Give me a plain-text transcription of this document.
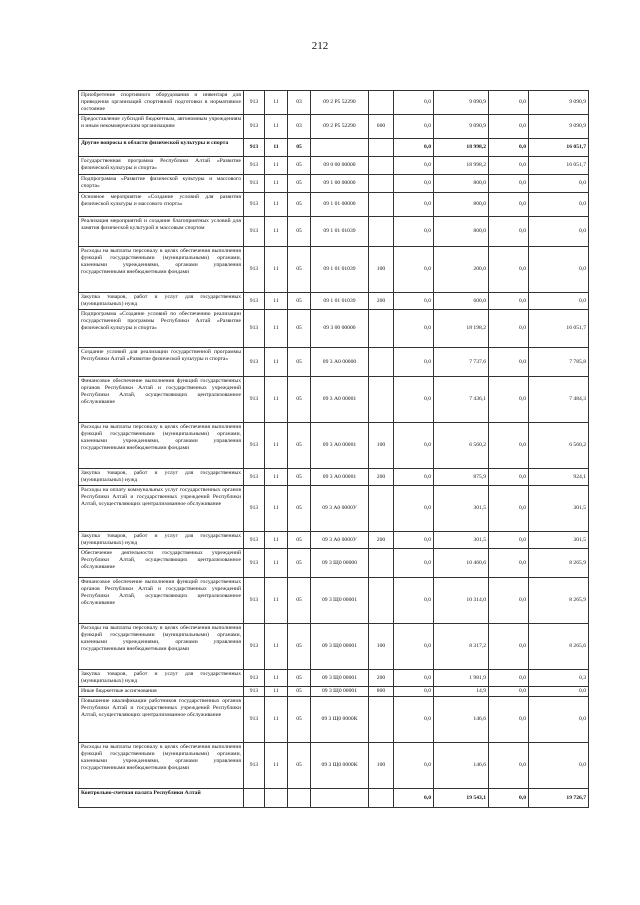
212
Приобретение спортивного оборудования и инвентаря для приведения организаций спортивной подготовки в нормативное состояние	913	11	03	09 2 P5 52290		0,0	9 090,9	0,0	9 090,9
Предоставление субсидий бюджетным, автономным учреждениям и иным некоммерческим организациям	913	11	03	09 2 P5 52290	600	0,0	9 090,9	0,0	9 090,9
Другие вопросы в области физической культуры и спорта	913	11	05			0,0	18 998,2	0,0	16 051,7
Государственная программа Республики Алтай «Развитие физической культуры и спорта»	913	11	05	09 0 00 00000		0,0	18 998,2	0,0	16 051,7
Подпрограмма «Развитие физической культуры и массового спорта»	913	11	05	09 1 00 00000		0,0	800,0	0,0	0,0
Основное мероприятие «Создание условий для развития физической культуры и массового спорта»	913	11	05	09 1 01 00000		0,0	800,0	0,0	0,0
Реализация мероприятий и создание благоприятных условий для занятия физической культурой и массовым спортом	913	11	05	09 1 01 01039		0,0	800,0	0,0	0,0
Расходы на выплаты персоналу в целях обеспечения выполнения функций государственными (муниципальными) органами, казенными учреждениями, органами управления государственными внебюджетными фондами	913	11	05	09 1 01 01039	100	0,0	200,0	0,0	0,0
Закупка товаров, работ и услуг для государственных (муниципальных) нужд	913	11	05	09 1 01 01039	200	0,0	600,0	0,0	0,0
Подпрограмма «Создание условий по обеспечению реализации государственной программы Республики Алтай «Развитие физической культуры и спорта»	913	11	05	09 3 00 00000		0,0	18 198,2	0,0	16 051,7
Создание условий для реализации государственной программы Республики Алтай «Развитие физической культуры и спорта»	913	11	05	09 3 А0 00000		0,0	7 737,6	0,0	7 785,8
Финансовое обеспечение выполнения функций государственных органов Республики Алтай и государственных учреждений Республики Алтай, осуществляющих централизованное обслуживание	913	11	05	09 3 А0 00001		0,0	7 436,1	0,0	7 484,3
Расходы на выплаты персоналу в целях обеспечения выполнения функций государственными (муниципальными) органами, казенными учреждениями, органами управления государственными внебюджетными фондами	913	11	05	09 3 А0 00001	100	0,0	6 560,2	0,0	6 560,2
Закупка товаров, работ и услуг для государственных (муниципальных) нужд	913	11	05	09 3 А0 00001	200	0,0	875,9	0,0	924,1
Расходы на оплату коммунальных услуг государственных органов Республики Алтай и государственных учреждений Республики Алтай, осуществляющих централизованное обслуживание	913	11	05	09 3 А0 0000У		0,0	301,5	0,0	301,5
Закупка товаров, работ и услуг для государственных (муниципальных) нужд	913	11	05	09 3 А0 0000У	200	0,0	301,5	0,0	301,5
Обеспечение деятельности государственных учреждений Республики Алтай, осуществляющих централизованное обслуживание	913	11	05	09 3 Щ0 00000		0,0	10 460,6	0,0	8 265,9
Финансовое обеспечение выполнения функций государственных органов Республики Алтай и государственных учреждений Республики Алтай, осуществляющих централизованное обслуживание	913	11	05	09 3 Щ0 00001		0,0	10 314,0	0,0	8 265,9
Расходы на выплаты персоналу в целях обеспечения выполнения функций государственными (муниципальными) органами, казенными учреждениями, органами управления государственными внебюджетными фондами	913	11	05	09 3 Щ0 00001	100	0,0	8 317,2	0,0	8 265,6
Закупка товаров, работ и услуг для государственных (муниципальных) нужд	913	11	05	09 3 Щ0 00001	200	0,0	1 981,9	0,0	0,3
Иные бюджетные ассигнования	913	11	05	09 3 Щ0 00001	800	0,0	14,9	0,0	0,0
Повышение квалификации работников государственных органов Республики Алтай и государственных учреждений Республики Алтай, осуществляющих централизованное обслуживание	913	11	05	09 3 Щ0 0000К		0,0	146,6	0,0	0,0
Расходы на выплаты персоналу в целях обеспечения выполнения функций государственными (муниципальными) органами, казенными учреждениями, органами управления государственными внебюджетными фондами	913	11	05	09 3 Щ0 0000К	100	0,0	146,6	0,0	0,0
Контрольно-счетная палата Республики Алтай						0,0	19 543,1	0,0	19 726,7
